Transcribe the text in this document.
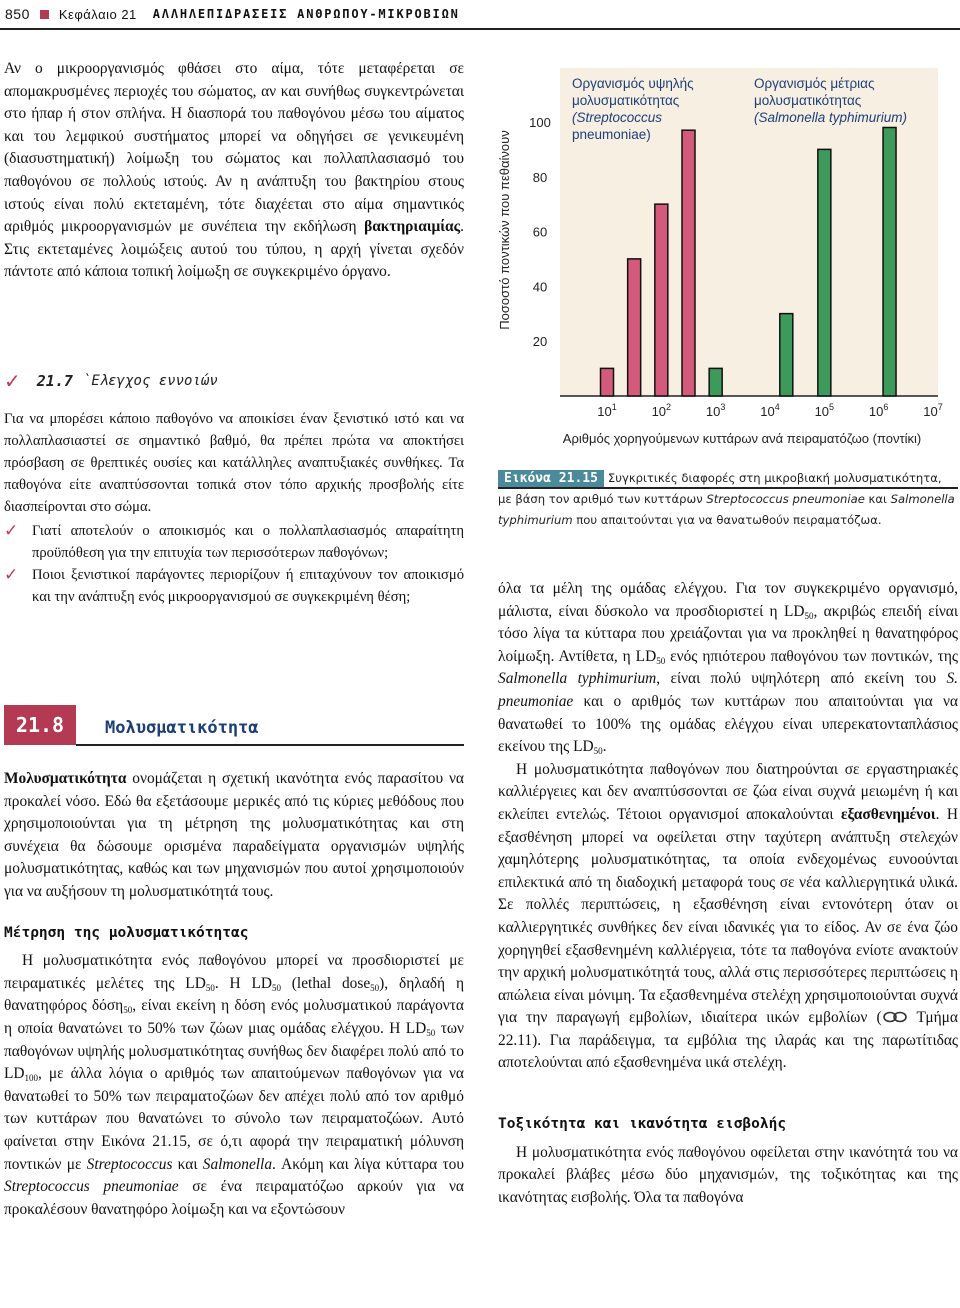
850 Κεφάλαιο 21 ΑΛΛΗΛΕΠΙΔΡΑΣΕΙΣ ΑΝΘΡΩΠΟΥ-ΜΙΚΡΟΒΙΩΝ

Αν ο μικροοργανισμός φθάσει στο αίμα, τότε μεταφέρεται σε απομακρυσμένες περιοχές του σώματος, αν και συνήθως συγκεντρώνεται στο ήπαρ ή στον σπλήνα. Η διασπορά του παθογόνου μέσω του αίματος και του λεμφικού συστήματος μπορεί να οδηγήσει σε γενικευμένη (διασυστηματική) λοίμωξη του σώματος και πολλαπλασιασμό του παθογόνου σε πολλούς ιστούς. Αν η ανάπτυξη του βακτηρίου στους ιστούς είναι πολύ εκτεταμένη, τότε διαχέεται στο αίμα σημαντικός αριθμός μικροοργανισμών με συνέπεια την εκδήλωση βακτηριαιμίας. Στις εκτεταμένες λοιμώξεις αυτού του τύπου, η αρχή γίνεται σχεδόν πάντοτε από κάποια τοπική λοίμωξη σε συγκεκριμένο όργανο.

✓ 21.7 `Ελεγχος εννοιών

Για να μπορέσει κάποιο παθογόνο να αποικίσει έναν ξενιστικό ιστό και να πολλαπλασιαστεί σε σημαντικό βαθμό, θα πρέπει πρώτα να αποκτήσει πρόσβαση σε θρεπτικές ουσίες και κατάλληλες αναπτυξιακές συνθήκες. Τα παθογόνα είτε αναπτύσσονται τοπικά στον τόπο αρχικής προσβολής είτε διασπείρονται στο σώμα.

✓ Γιατί αποτελούν ο αποικισμός και ο πολλαπλασιασμός απαραίτητη προϋπόθεση για την επιτυχία των περισσότερων παθογόνων;

✓ Ποιοι ξενιστικοί παράγοντες περιορίζουν ή επιταχύνουν τον αποικισμό και την ανάπτυξη ενός μικροοργανισμού σε συγκεκριμένη θέση;

21.8	Μολυσματικότητα

Μολυσματικότητα ονομάζεται η σχετική ικανότητα ενός παρασίτου να προκαλεί νόσο. Εδώ θα εξετάσουμε μερικές από τις κύριες μεθόδους που χρησιμοποιούνται για τη μέτρηση της μολυσματικότητας και στη συνέχεια θα δώσουμε ορισμένα παραδείγματα οργανισμών υψηλής μολυσματικότητας, καθώς και των μηχανισμών που αυτοί χρησιμοποιούν για να αυξήσουν τη μολυσματικότητά τους.

Μέτρηση της μολυσματικότητας

Η μολυσματικότητα ενός παθογόνου μπορεί να προσδιοριστεί με πειραματικές μελέτες της $LD_{50}$. Η $LD_{50}$ (lethal dose$_{50}$), δηλαδή η θανατηφόρος δόση$_{50}$, είναι εκείνη η δόση ενός μολυσματικού παράγοντα η οποία θανατώνει το 50% των ζώων μιας ομάδας ελέγχου. Η $LD_{50}$ των παθογόνων υψηλής μολυσματικότητας συνήθως δεν διαφέρει πολύ από το $LD_{100}$, με άλλα λόγια ο αριθμός των απαιτούμενων παθογόνων για να θανατωθεί το 50% των πειραματοζώων δεν απέχει πολύ από τον αριθμό των κυττάρων που θανατώνει το σύνολο των πειραματοζώων. Αυτό φαίνεται στην Εικόνα 21.15, σε ό,τι αφορά την πειραματική μόλυνση ποντικών με Streptococcus και Salmonella. Ακόμη και λίγα κύτταρα του Streptococcus pneumoniae σε ένα πειραματόζωο αρκούν για να προκαλέσουν θανατηφόρο λοίμωξη και να εξοντώσουν

Ποσοστό ποντικών που πεθαίνουν
100
80
60
40
20
$10^1$	$10^2$	$10^3$	$10^4$	$10^5$	$10^6$	$10^7$
Οργανισμός υψηλής μολυσματικότητας (Streptococcus pneumoniae)
Οργανισμός μέτριας μολυσματικότητας (Salmonella typhimurium)
Αριθμός χορηγούμενων κυττάρων ανά πειραματόζωο (ποντίκι)
Εικόνα 21.15 Συγκριτικές διαφορές στη μικροβιακή μολυσματικότητα, με βάση τον αριθμό των κυττάρων Streptococcus pneumoniae και Salmonella typhimurium που απαιτούνται για να θανατωθούν πειραματόζωα.

όλα τα μέλη της ομάδας ελέγχου. Για τον συγκεκριμένο οργανισμό, μάλιστα, είναι δύσκολο να προσδιοριστεί η $LD_{50}$, ακριβώς επειδή είναι τόσο λίγα τα κύτταρα που χρειάζονται για να προκληθεί η θανατηφόρος λοίμωξη. Αντίθετα, η $LD_{50}$ ενός ηπιότερου παθογόνου των ποντικών, της Salmonella typhimurium, είναι πολύ υψηλότερη από εκείνη του S. pneumoniae και ο αριθμός των κυττάρων που απαιτούνται για να θανατωθεί το 100% της ομάδας ελέγχου είναι υπερεκατονταπλάσιος εκείνου της $LD_{50}$.

Η μολυσματικότητα παθογόνων που διατηρούνται σε εργαστηριακές καλλιέργειες και δεν αναπτύσσονται σε ζώα είναι συχνά μειωμένη ή και εκλείπει εντελώς. Τέτοιοι οργανισμοί αποκαλούνται εξασθενημένοι. Η εξασθένηση μπορεί να οφείλεται στην ταχύτερη ανάπτυξη στελεχών χαμηλότερης μολυσματικότητας, τα οποία ενδεχομένως ευνοούνται επιλεκτικά από τη διαδοχική μεταφορά τους σε νέα καλλιεργητικά υλικά. Σε πολλές περιπτώσεις, η εξασθένηση είναι εντονότερη όταν οι καλλιεργητικές συνθήκες δεν είναι ιδανικές για το είδος. Αν σε ένα ζώο χορηγηθεί εξασθενημένη καλλιέργεια, τότε τα παθογόνα ενίοτε ανακτούν την αρχική μολυσματικότητά τους, αλλά στις περισσότερες περιπτώσεις η απώλεια είναι μόνιμη. Τα εξασθενημένα στελέχη χρησιμοποιούνται συχνά για την παραγωγή εμβολίων, ιδιαίτερα ιικών εμβολίων ( Τμήμα 22.11). Για παράδειγμα, τα εμβόλια της ιλαράς και της παρωτίτιδας αποτελούνται από εξασθενημένα ιικά στελέχη.

Τοξικότητα και ικανότητα εισβολής

Η μολυσματικότητα ενός παθογόνου οφείλεται στην ικανότητά του να προκαλεί βλάβες μέσω δύο μηχανισμών, της τοξικότητας και της ικανότητας εισβολής. Όλα τα παθογόνα
